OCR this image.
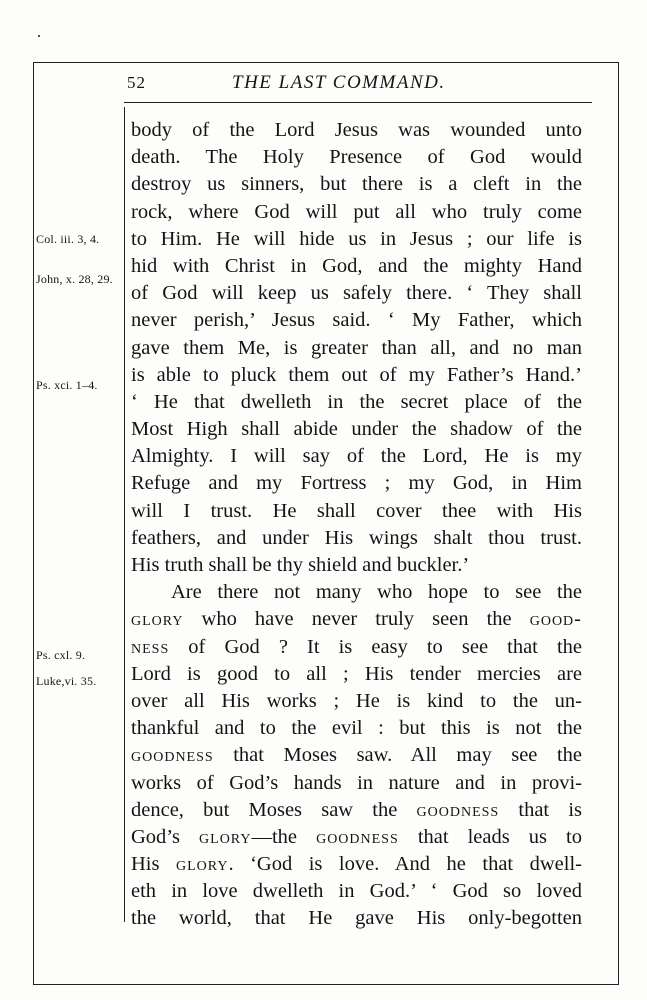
52	THE LAST COMMAND.
Col. iii. 3, 4.
John, x. 28, 29.
Ps. xci. 1–4.
Ps. cxl. 9.
Luke,vi. 35.
body of the Lord Jesus was wounded unto
death. The Holy Presence of God would
destroy us sinners, but there is a cleft in the
rock, where God will put all who truly come
to Him. He will hide us in Jesus ; our life is
hid with Christ in God, and the mighty Hand
of God will keep us safely there. ‘ They shall
never perish,’ Jesus said. ‘ My Father, which
gave them Me, is greater than all, and no man
is able to pluck them out of my Father’s Hand.’
‘ He that dwelleth in the secret place of the
Most High shall abide under the shadow of the
Almighty. I will say of the Lord, He is my
Refuge and my Fortress ; my God, in Him
will I trust. He shall cover thee with His
feathers, and under His wings shalt thou trust.
His truth shall be thy shield and buckler.’
Are there not many who hope to see the
glory who have never truly seen the good-
ness of God ? It is easy to see that the
Lord is good to all ; His tender mercies are
over all His works ; He is kind to the un-
thankful and to the evil : but this is not the
goodness that Moses saw. All may see the
works of God’s hands in nature and in provi-
dence, but Moses saw the goodness that is
God’s glory—the goodness that leads us to
His glory. ‘God is love. And he that dwell-
eth in love dwelleth in God.’ ‘ God so loved
the world, that He gave His only-begotten
